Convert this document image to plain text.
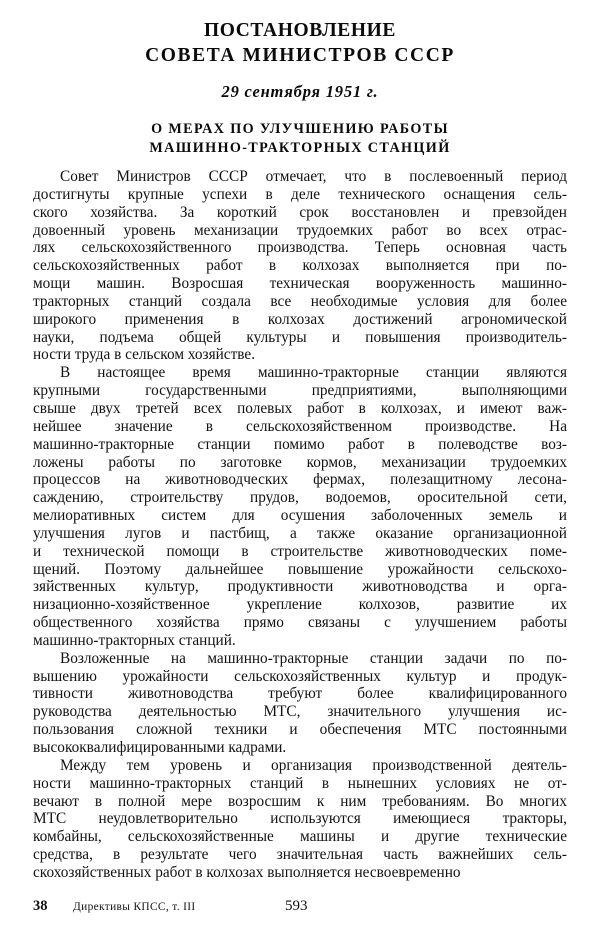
ПОСТАНОВЛЕНИЕ
СОВЕТА МИНИСТРОВ СССР
29 сентября 1951 г.
О МЕРАХ ПО УЛУЧШЕНИЮ РАБОТЫ
МАШИННО-ТРАКТОРНЫХ СТАНЦИЙ
Совет Министров СССР отмечает, что в послевоенный период
достигнуты крупные успехи в деле технического оснащения сель-
ского хозяйства. За короткий срок восстановлен и превзойден
довоенный уровень механизации трудоемких работ во всех отрас-
лях сельскохозяйственного производства. Теперь основная часть
сельскохозяйственных работ в колхозах выполняется при по-
мощи машин. Возросшая техническая вооруженность машинно-
тракторных станций создала все необходимые условия для более
широкого применения в колхозах достижений агрономической
науки, подъема общей культуры и повышения производитель-
ности труда в сельском хозяйстве.
В настоящее время машинно-тракторные станции являются
крупными государственными предприятиями, выполняющими
свыше двух третей всех полевых работ в колхозах, и имеют важ-
нейшее значение в сельскохозяйственном производстве. На
машинно-тракторные станции помимо работ в полеводстве воз-
ложены работы по заготовке кормов, механизации трудоемких
процессов на животноводческих фермах, полезащитному лесона-
саждению, строительству прудов, водоемов, оросительной сети,
мелиоративных систем для осушения заболоченных земель и
улучшения лугов и пастбищ, а также оказание организационной
и технической помощи в строительстве животноводческих поме-
щений. Поэтому дальнейшее повышение урожайности сельскохо-
зяйственных культур, продуктивности животноводства и орга-
низационно-хозяйственное укрепление колхозов, развитие их
общественного хозяйства прямо связаны с улучшением работы
машинно-тракторных станций.
Возложенные на машинно-тракторные станции задачи по по-
вышению урожайности сельскохозяйственных культур и продук-
тивности животноводства требуют более квалифицированного
руководства деятельностью МТС, значительного улучшения ис-
пользования сложной техники и обеспечения МТС постоянными
высококвалифицированными кадрами.
Между тем уровень и организация производственной деятель-
ности машинно-тракторных станций в нынешних условиях не от-
вечают в полной мере возросшим к ним требованиям. Во многих
МТС неудовлетворительно используются имеющиеся тракторы,
комбайны, сельскохозяйственные машины и другие технические
средства, в результате чего значительная часть важнейших сель-
скохозяйственных работ в колхозах выполняется несвоевременно
38 Директивы КПСС, т. III	593
